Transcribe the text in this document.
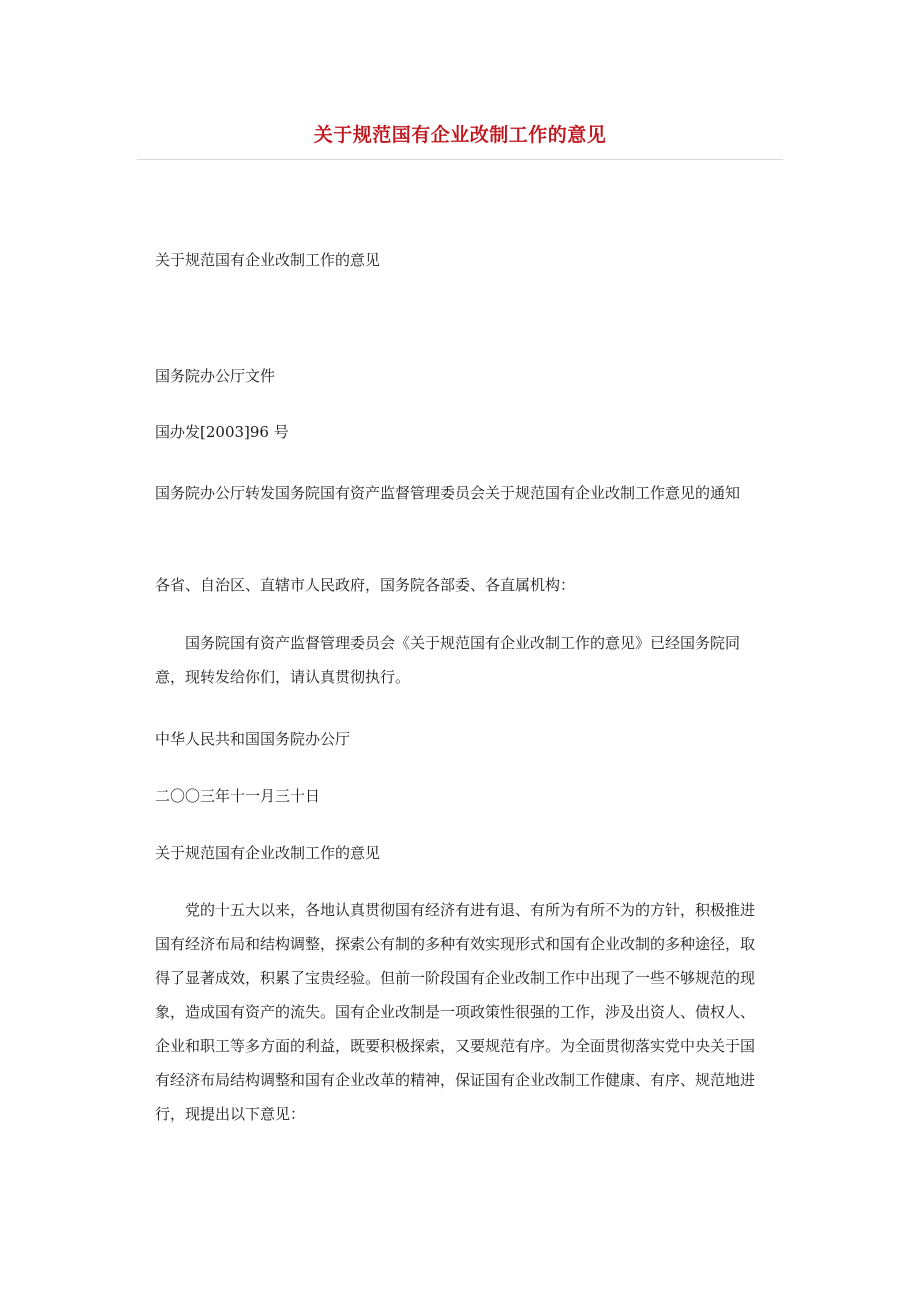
关于规范国有企业改制工作的意见

关于规范国有企业改制工作的意见

国务院办公厅文件

国办发[2003]96 号

国务院办公厅转发国务院国有资产监督管理委员会关于规范国有企业改制工作意见的通知

各省、自治区、直辖市人民政府，国务院各部委、各直属机构：

国务院国有资产监督管理委员会《关于规范国有企业改制工作的意见》已经国务院同意，现转发给你们，请认真贯彻执行。

中华人民共和国国务院办公厅

二〇〇三年十一月三十日

关于规范国有企业改制工作的意见

党的十五大以来，各地认真贯彻国有经济有进有退、有所为有所不为的方针，积极推进国有经济布局和结构调整，探索公有制的多种有效实现形式和国有企业改制的多种途径，取得了显著成效，积累了宝贵经验。但前一阶段国有企业改制工作中出现了一些不够规范的现象，造成国有资产的流失。国有企业改制是一项政策性很强的工作，涉及出资人、债权人、企业和职工等多方面的利益，既要积极探索，又要规范有序。为全面贯彻落实党中央关于国有经济布局结构调整和国有企业改革的精神，保证国有企业改制工作健康、有序、规范地进行，现提出以下意见：
